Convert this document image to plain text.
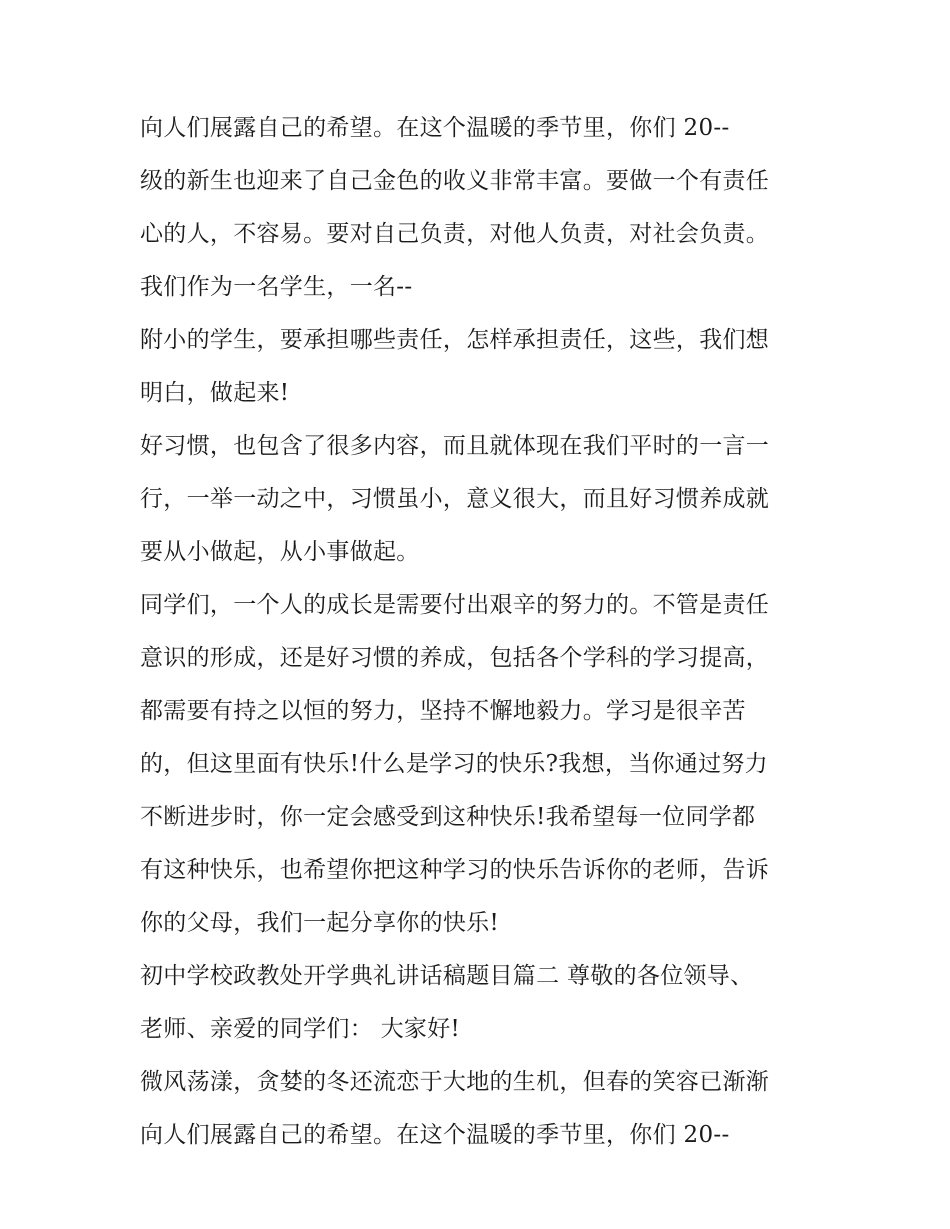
向人们展露自己的希望。在这个温暖的季节里，你们 20--
级的新生也迎来了自己金色的收义非常丰富。要做一个有责任
心的人，不容易。要对自己负责，对他人负责，对社会负责。
我们作为一名学生，一名--
附小的学生，要承担哪些责任，怎样承担责任，这些，我们想
明白，做起来!
好习惯，也包含了很多内容，而且就体现在我们平时的一言一
行，一举一动之中，习惯虽小，意义很大，而且好习惯养成就
要从小做起，从小事做起。
同学们，一个人的成长是需要付出艰辛的努力的。不管是责任
意识的形成，还是好习惯的养成，包括各个学科的学习提高，
都需要有持之以恒的努力，坚持不懈地毅力。学习是很辛苦
的，但这里面有快乐!什么是学习的快乐?我想，当你通过努力
不断进步时，你一定会感受到这种快乐!我希望每一位同学都
有这种快乐，也希望你把这种学习的快乐告诉你的老师，告诉
你的父母，我们一起分享你的快乐!
初中学校政教处开学典礼讲话稿题目篇二 尊敬的各位领导、
老师、亲爱的同学们： 大家好!
微风荡漾，贪婪的冬还流恋于大地的生机，但春的笑容已渐渐
向人们展露自己的希望。在这个温暖的季节里，你们 20--
